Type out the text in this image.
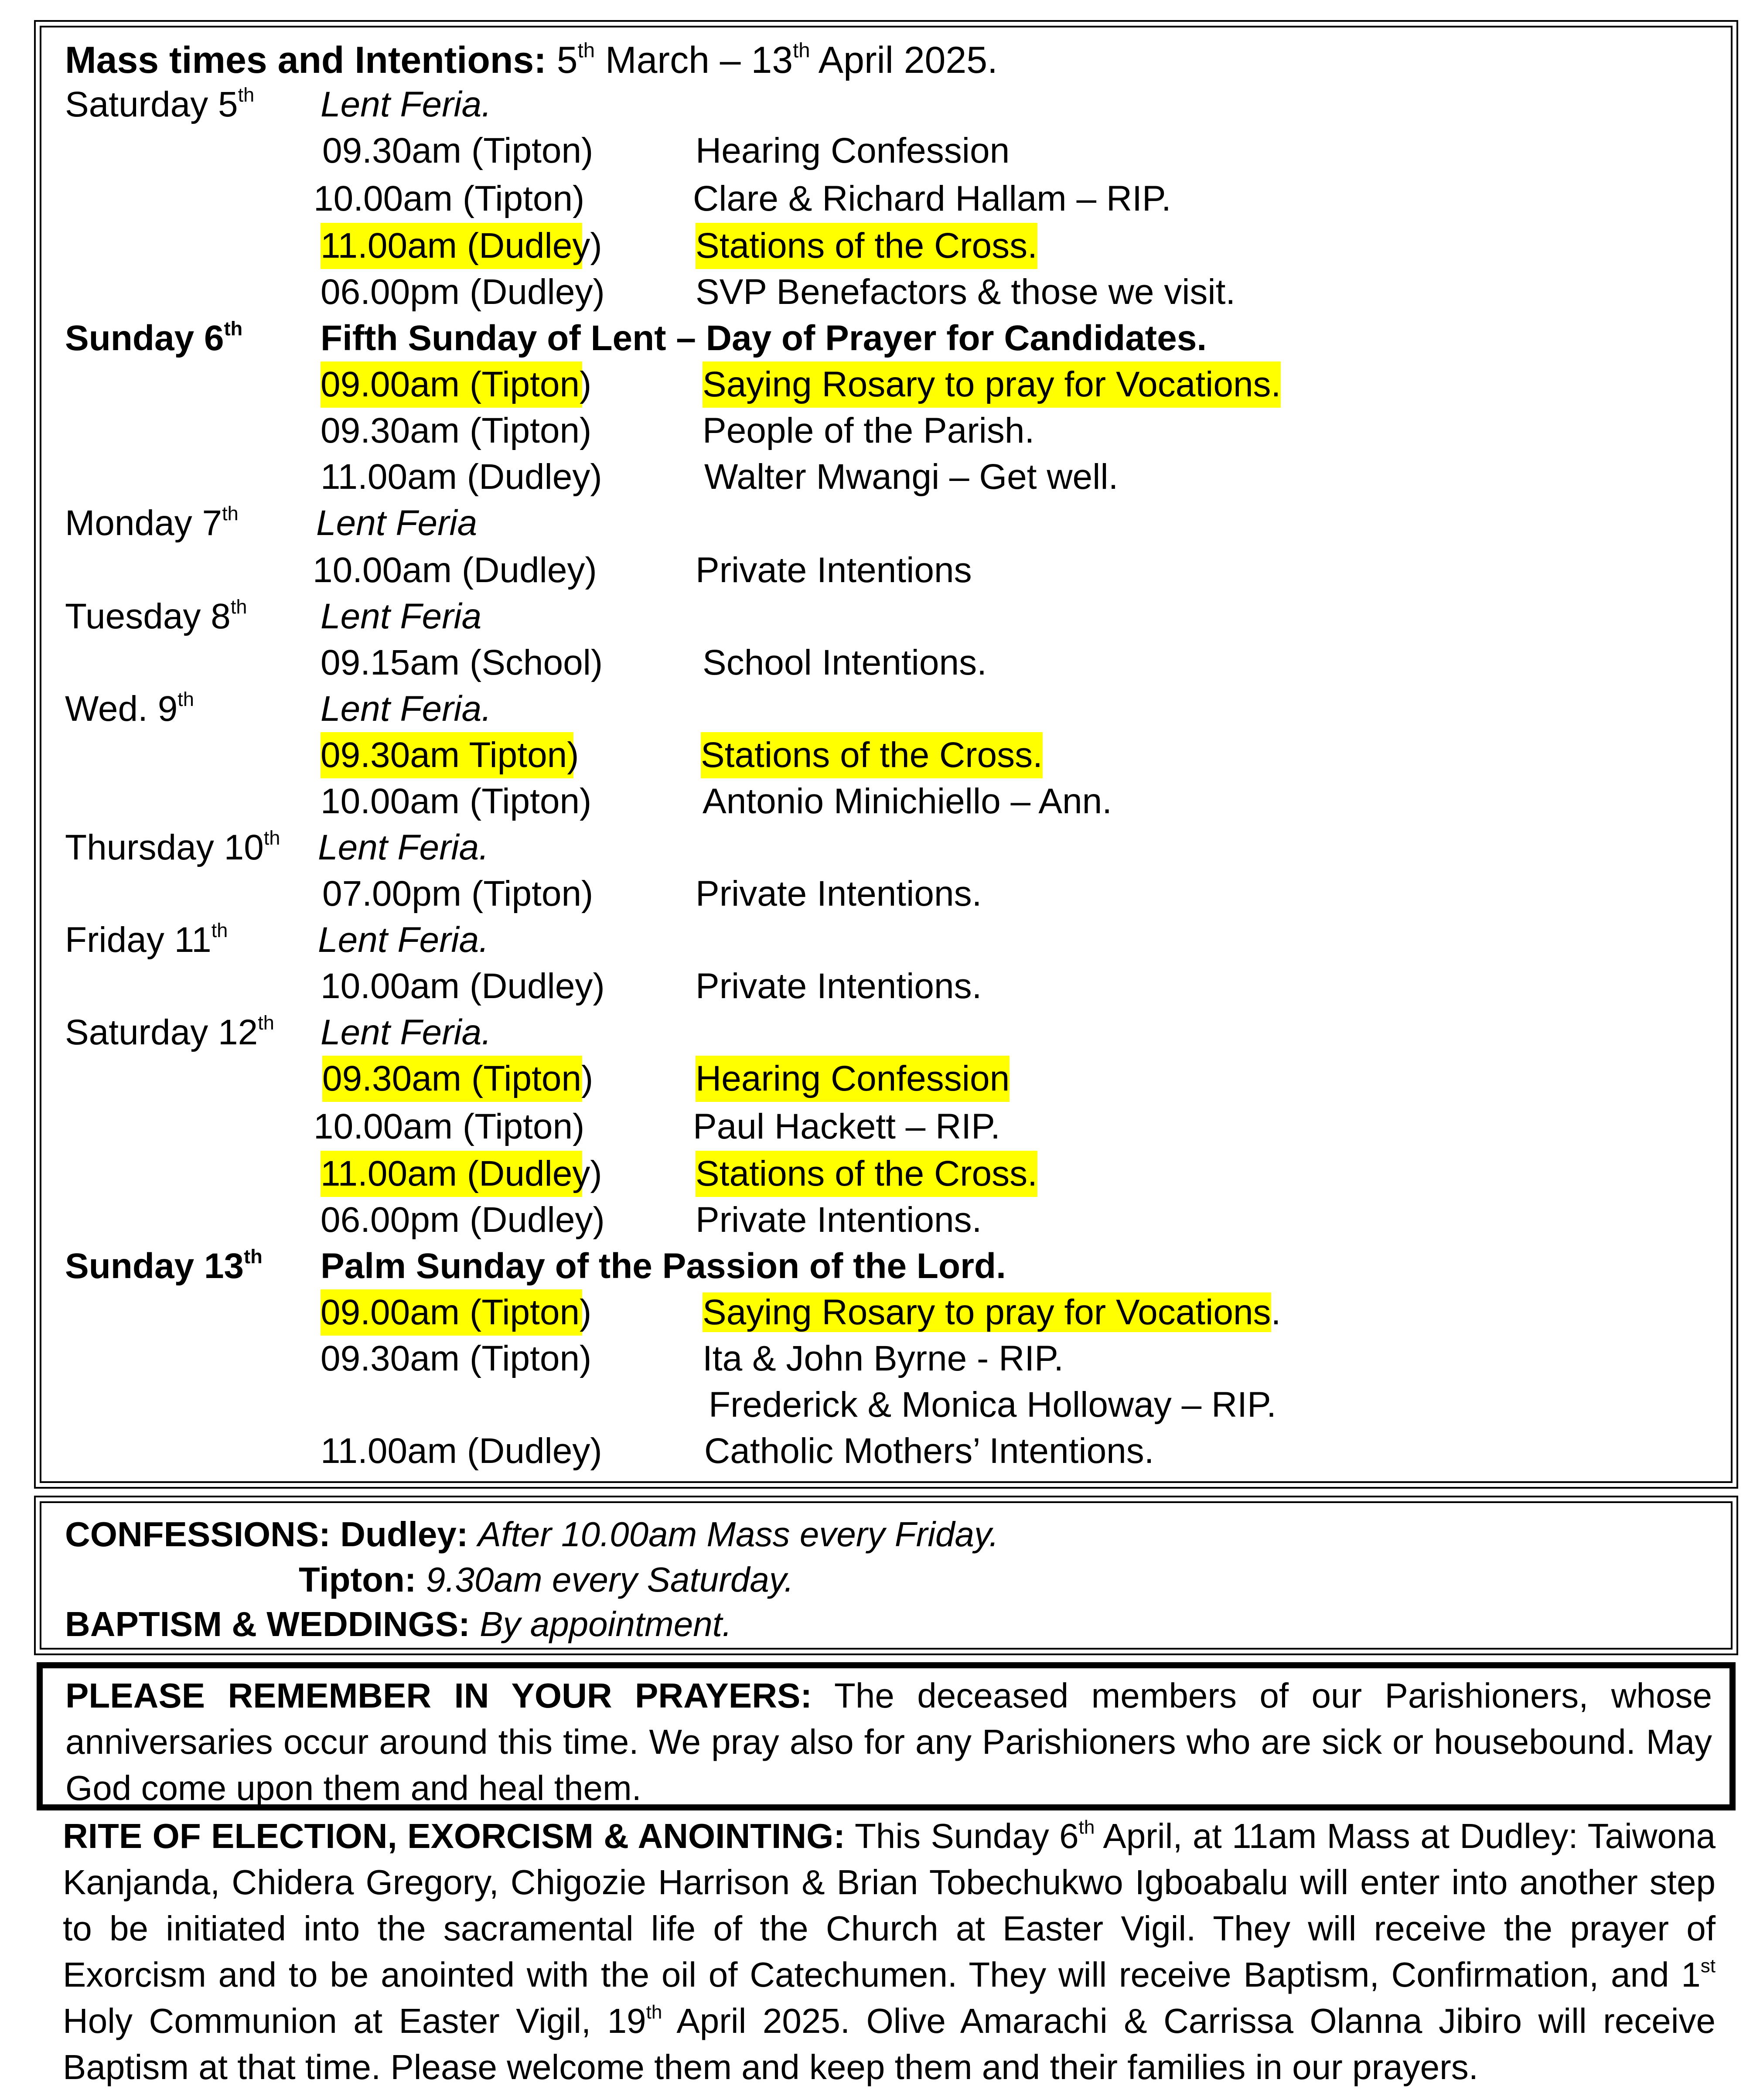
Mass times and Intentions: 5th March – 13th April 2025.
Saturday 5th Lent Feria.
09.30am (Tipton)	Hearing Confession
10.00am (Tipton)	Clare & Richard Hallam – RIP.
11.00am (Dudley)	Stations of the Cross.
06.00pm (Dudley)	SVP Benefactors & those we visit.
Sunday 6th Fifth Sunday of Lent – Day of Prayer for Candidates.
09.00am (Tipton)	Saying Rosary to pray for Vocations.
09.30am (Tipton)	People of the Parish.
11.00am (Dudley)	Walter Mwangi – Get well.
Monday 7th Lent Feria
10.00am (Dudley)	Private Intentions
Tuesday 8th Lent Feria
09.15am (School)	School Intentions.
Wed. 9th	Lent Feria.
09.30am Tipton)	Stations of the Cross.
10.00am (Tipton)	Antonio Minichiello – Ann.
Thursday 10th Lent Feria.
07.00pm (Tipton)	Private Intentions.
Friday 11th	Lent Feria.
10.00am (Dudley)	Private Intentions.
Saturday 12th Lent Feria.
09.30am (Tipton)	Hearing Confession
10.00am (Tipton)	Paul Hackett – RIP.
11.00am (Dudley)	Stations of the Cross.
06.00pm (Dudley)	Private Intentions.
Sunday 13th Palm Sunday of the Passion of the Lord.
09.00am (Tipton)	Saying Rosary to pray for Vocations.
09.30am (Tipton)	Ita & John Byrne - RIP.
Frederick & Monica Holloway – RIP.
11.00am (Dudley)	Catholic Mothers’ Intentions.
CONFESSIONS: Dudley: After 10.00am Mass every Friday.
Tipton: 9.30am every Saturday.
BAPTISM & WEDDINGS: By appointment.
PLEASE REMEMBER IN YOUR PRAYERS: The deceased members of our Parishioners, whose anniversaries occur around this time. We pray also for any Parishioners who are sick or housebound. May God come upon them and heal them.
RITE OF ELECTION, EXORCISM & ANOINTING: This Sunday 6th April, at 11am Mass at Dudley: Taiwona Kanjanda, Chidera Gregory, Chigozie Harrison & Brian Tobechukwo Igboabalu will enter into another step to be initiated into the sacramental life of the Church at Easter Vigil. They will receive the prayer of Exorcism and to be anointed with the oil of Catechumen. They will receive Baptism, Confirmation, and 1st Holy Communion at Easter Vigil, 19th April 2025. Olive Amarachi & Carrissa Olanna Jibiro will receive Baptism at that time. Please welcome them and keep them and their families in our prayers.
